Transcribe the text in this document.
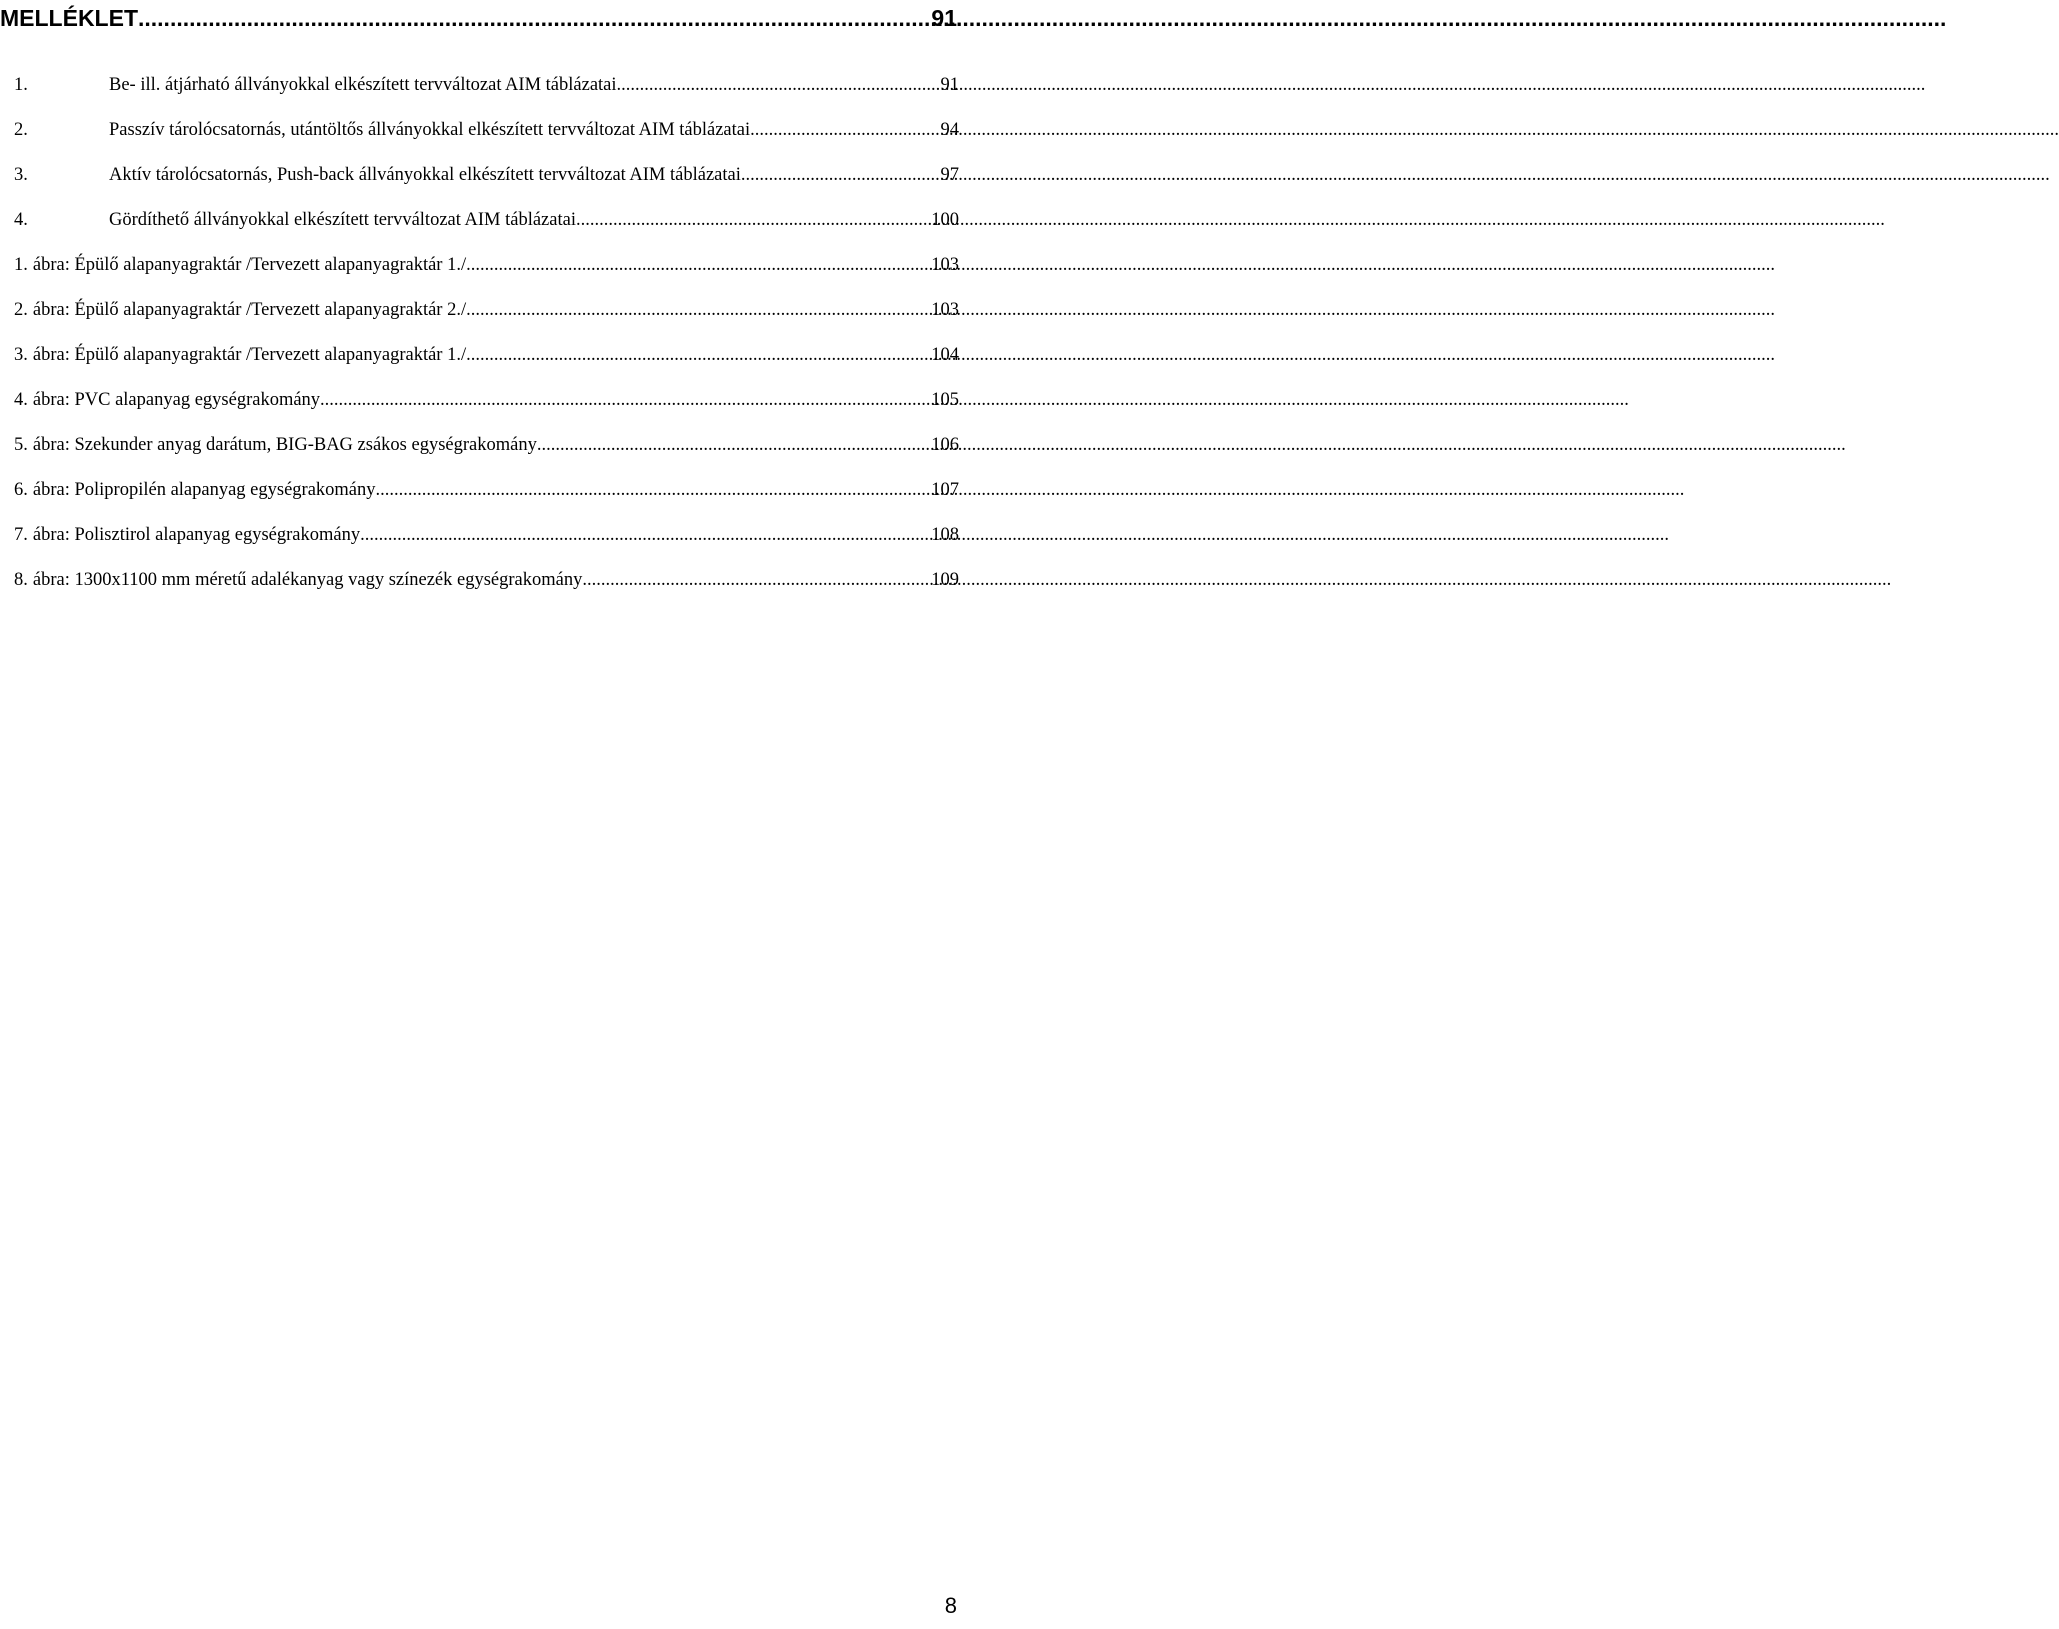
MELLÉKLET .....	91
1.	Be- ill. átjárható állványokkal elkészített tervváltozat AIM táblázatai .....	91
2.	Passzív tárolócsatornás, utántöltős állványokkal elkészített tervváltozat AIM táblázatai .....	94
3.	Aktív tárolócsatornás, Push-back állványokkal elkészített tervváltozat AIM táblázatai .....	97
4.	Gördíthető állványokkal elkészített tervváltozat AIM táblázatai .....	100
1. ábra: Épülő alapanyagraktár /Tervezett alapanyagraktár 1./ .....	103
2. ábra: Épülő alapanyagraktár /Tervezett alapanyagraktár 2./ .....	103
3. ábra: Épülő alapanyagraktár /Tervezett alapanyagraktár 1./ .....	104
4. ábra: PVC alapanyag egységrakomány .....	105
5. ábra: Szekunder anyag darátum, BIG-BAG zsákos egységrakomány .....	106
6. ábra: Polipropilén alapanyag egységrakomány .....	107
7. ábra: Polisztirol alapanyag egységrakomány .....	108
8. ábra: 1300x1100 mm méretű adalékanyag vagy színezék egységrakomány .....	109
8
